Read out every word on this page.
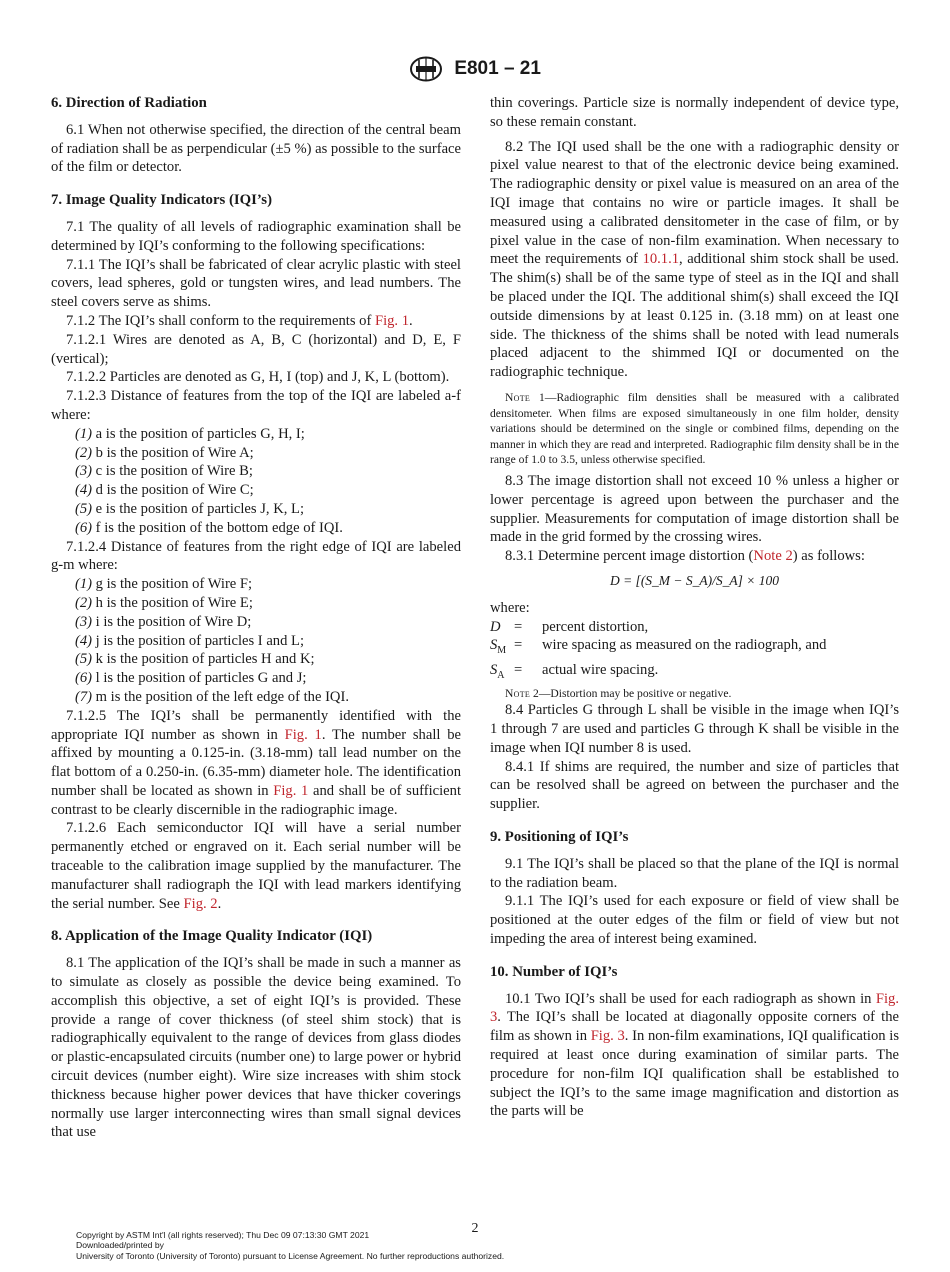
E801 – 21
6. Direction of Radiation

6.1 When not otherwise specified, the direction of the central beam of radiation shall be as perpendicular (±5 %) as possible to the surface of the film or detector.

7. Image Quality Indicators (IQI’s)

7.1 The quality of all levels of radiographic examination shall be determined by IQI’s conforming to the following specifications:

7.1.1 The IQI’s shall be fabricated of clear acrylic plastic with steel covers, lead spheres, gold or tungsten wires, and lead numbers. The steel covers serve as shims.

7.1.2 The IQI’s shall conform to the requirements of Fig. 1.

7.1.2.1 Wires are denoted as A, B, C (horizontal) and D, E, F (vertical);

7.1.2.2 Particles are denoted as G, H, I (top) and J, K, L (bottom).

7.1.2.3 Distance of features from the top of the IQI are labeled a-f where:

(1) a is the position of particles G, H, I;

(2) b is the position of Wire A;

(3) c is the position of Wire B;

(4) d is the position of Wire C;

(5) e is the position of particles J, K, L;

(6) f is the position of the bottom edge of IQI.

7.1.2.4 Distance of features from the right edge of IQI are labeled g-m where:

(1) g is the position of Wire F;

(2) h is the position of Wire E;

(3) i is the position of Wire D;

(4) j is the position of particles I and L;

(5) k is the position of particles H and K;

(6) l is the position of particles G and J;

(7) m is the position of the left edge of the IQI.

7.1.2.5 The IQI’s shall be permanently identified with the appropriate IQI number as shown in Fig. 1. The number shall be affixed by mounting a 0.125-in. (3.18-mm) tall lead number on the flat bottom of a 0.250-in. (6.35-mm) diameter hole. The identification number shall be located as shown in Fig. 1 and shall be of sufficient contrast to be clearly discernible in the radiographic image.

7.1.2.6 Each semiconductor IQI will have a serial number permanently etched or engraved on it. Each serial number will be traceable to the calibration image supplied by the manufacturer. The manufacturer shall radiograph the IQI with lead markers identifying the serial number. See Fig. 2.

8. Application of the Image Quality Indicator (IQI)

8.1 The application of the IQI’s shall be made in such a manner as to simulate as closely as possible the device being examined. To accomplish this objective, a set of eight IQI’s is provided. These provide a range of cover thickness (of steel shim stock) that is radiographically equivalent to the range of devices from glass diodes or plastic-encapsulated circuits (number one) to large power or hybrid circuit devices (number eight). Wire size increases with shim stock thickness because higher power devices that have thicker coverings normally use larger interconnecting wires than small signal devices that use

thin coverings. Particle size is normally independent of device type, so these remain constant.

8.2 The IQI used shall be the one with a radiographic density or pixel value nearest to that of the electronic device being examined. The radiographic density or pixel value is measured on an area of the IQI image that contains no wire or particle images. It shall be measured using a calibrated densitometer in the case of film, or by pixel value in the case of non-film examination. When necessary to meet the requirements of 10.1.1, additional shim stock shall be used. The shim(s) shall be of the same type of steel as in the IQI and shall be placed under the IQI. The additional shim(s) shall exceed the IQI outside dimensions by at least 0.125 in. (3.18 mm) on at least one side. The thickness of the shims shall be noted with lead numerals placed adjacent to the shimmed IQI or documented on the radiographic technique.

Note 1—Radiographic film densities shall be measured with a calibrated densitometer. When films are exposed simultaneously in one film holder, density variations should be determined on the single or combined films, depending on the manner in which they are read and interpreted. Radiographic film density shall be in the range of 1.0 to 3.5, unless otherwise specified.

8.3 The image distortion shall not exceed 10 % unless a higher or lower percentage is agreed upon between the purchaser and the supplier. Measurements for computation of image distortion shall be made in the grid formed by the crossing wires.

8.3.1 Determine percent image distortion (Note 2) as follows:

D = [(S_M − S_A)/S_A] × 100

where:

D =	percent distortion,
$S_M$ =	wire spacing as measured on the radiograph, and
$S_A$ =	actual wire spacing.

Note 2—Distortion may be positive or negative.

8.4 Particles G through L shall be visible in the image when IQI’s 1 through 7 are used and particles G through K shall be visible in the image when IQI number 8 is used.

8.4.1 If shims are required, the number and size of particles that can be resolved shall be agreed on between the purchaser and the supplier.

9. Positioning of IQI’s

9.1 The IQI’s shall be placed so that the plane of the IQI is normal to the radiation beam.

9.1.1 The IQI’s used for each exposure or field of view shall be positioned at the outer edges of the film or field of view but not impeding the area of interest being examined.

10. Number of IQI’s

10.1 Two IQI’s shall be used for each radiograph as shown in Fig. 3. The IQI’s shall be located at diagonally opposite corners of the film as shown in Fig. 3. In non-film examinations, IQI qualification is required at least once during examination of similar parts. The procedure for non-film IQI qualification shall be established to subject the IQI’s to the same image magnification and distortion as the parts will be

2
Copyright by ASTM Int'l (all rights reserved); Thu Dec 09 07:13:30 GMT 2021
Downloaded/printed by
University of Toronto (University of Toronto) pursuant to License Agreement. No further reproductions authorized.
